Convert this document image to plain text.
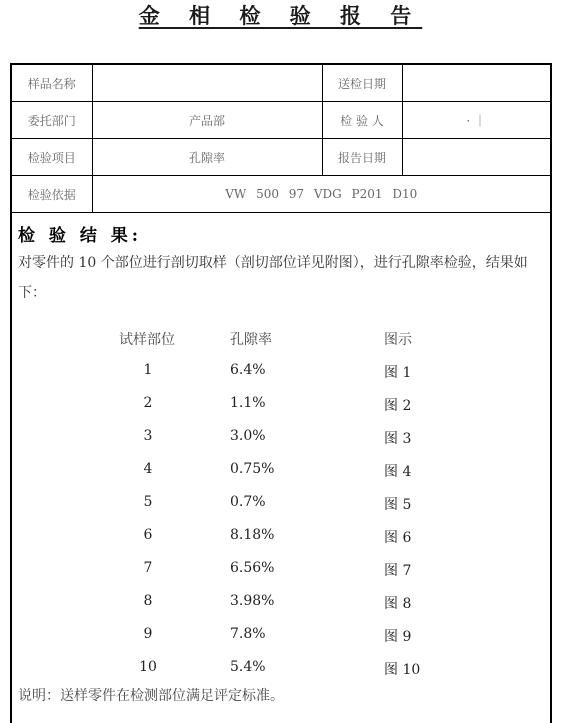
金 相 检 验 报 告
样品名称		送检日期	
委托部门	产品部	检 验 人	· ｜
检验项目	孔隙率	报告日期	
检验依据	VW 500 97 VDG P201 D10		
检 验 结 果:
对零件的 10 个部位进行剖切取样（剖切部位详见附图），进行孔隙率检验，结果如下：
试样部位	孔隙率	图示
1	6.4%	图 1
2	1.1%	图 2
3	3.0%	图 3
4	0.75%	图 4
5	0.7%	图 5
6	8.18%	图 6
7	6.56%	图 7
8	3.98%	图 8
9	7.8%	图 9
10	5.4%	图 10
说明：送样零件在检测部位满足评定标准。
